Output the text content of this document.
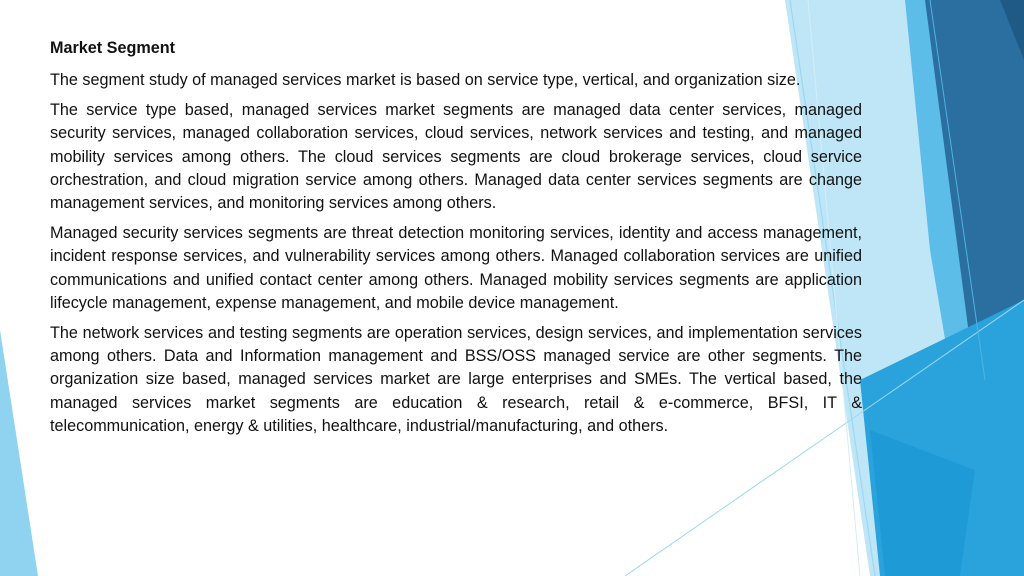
Market Segment
The segment study of managed services market is based on service type, vertical, and organization size.
The service type based, managed services market segments are managed data center services, managed security services, managed collaboration services, cloud services, network services and testing, and managed mobility services among others. The cloud services segments are cloud brokerage services, cloud service orchestration, and cloud migration service among others. Managed data center services segments are change management services, and monitoring services among others.
Managed security services segments are threat detection monitoring services, identity and access management, incident response services, and vulnerability services among others. Managed collaboration services are unified communications and unified contact center among others. Managed mobility services segments are application lifecycle management, expense management, and mobile device management.
The network services and testing segments are operation services, design services, and implementation services among others. Data and Information management and BSS/OSS managed service are other segments. The organization size based, managed services market are large enterprises and SMEs. The vertical based, the managed services market segments are education & research, retail & e-commerce, BFSI, IT & telecommunication, energy & utilities, healthcare, industrial/manufacturing, and others.
